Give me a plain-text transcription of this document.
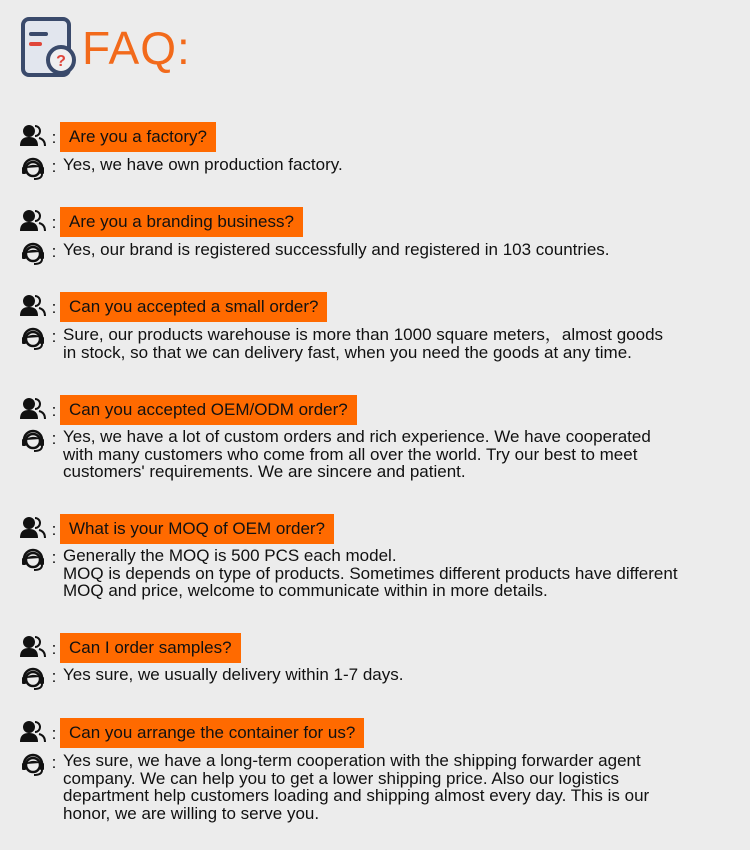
? FAQ:
: Are you a factory?
: Yes, we have own production factory.
: Are you a branding business?
: Yes, our brand is registered successfully and registered in 103 countries.
: Can you accepted a small order?
: Sure, our products warehouse is more than 1000 square meters，almost goods
in stock, so that we can delivery fast, when you need the goods at any time.
: Can you accepted OEM/ODM order?
: Yes, we have a lot of custom orders and rich experience. We have cooperated
with many customers who come from all over the world. Try our best to meet
customers' requirements. We are sincere and patient.
: What is your MOQ of OEM order?
: Generally the MOQ is 500 PCS each model.
MOQ is depends on type of products. Sometimes different products have different
MOQ and price, welcome to communicate within in more details.
: Can I order samples?
: Yes sure, we usually delivery within 1-7 days.
: Can you arrange the container for us?
: Yes sure, we have a long-term cooperation with the shipping forwarder agent
company. We can help you to get a lower shipping price. Also our logistics
department help customers loading and shipping almost every day. This is our
honor, we are willing to serve you.
